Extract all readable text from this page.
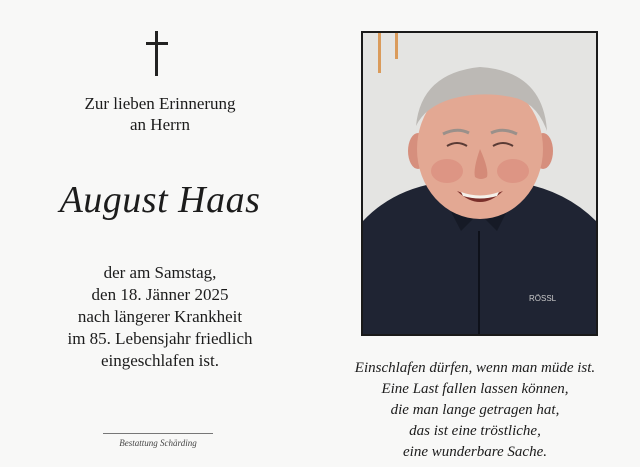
Zur lieben Erinnerung
an Herrn
August Haas
der am Samstag,
den 18. Jänner 2025
nach längerer Krankheit
im 85. Lebensjahr friedlich
eingeschlafen ist.
Bestattung Schärding
RÖSSL
Einschlafen dürfen, wenn man müde ist.
Eine Last fallen lassen können,
die man lange getragen hat,
das ist eine tröstliche,
eine wunderbare Sache.
